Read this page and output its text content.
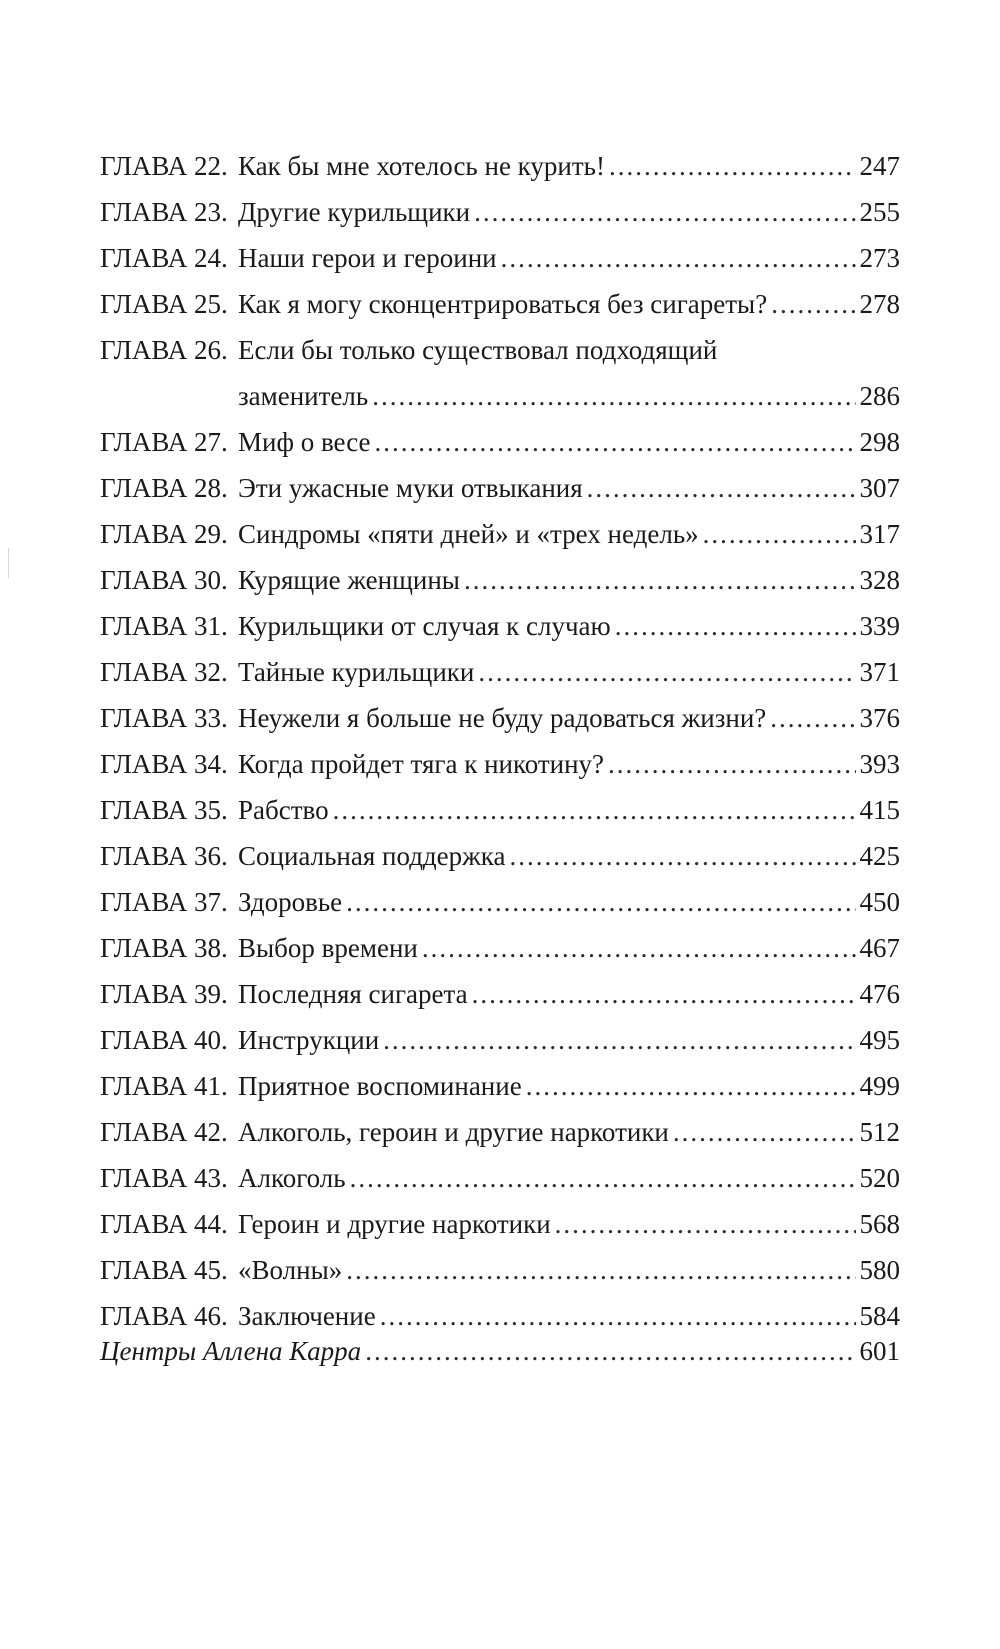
ГЛАВА 22. Как бы мне хотелось не курить! .....	247
ГЛАВА 23. Другие курильщики .....	255
ГЛАВА 24. Наши герои и героини .....	273
ГЛАВА 25. Как я могу сконцентрироваться без сигареты? .....	278
ГЛАВА 26. Если бы только существовал подходящий
заменитель .....	286
ГЛАВА 27. Миф о весе .....	298
ГЛАВА 28. Эти ужасные муки отвыкания .....	307
ГЛАВА 29. Синдромы «пяти дней» и «трех недель» .....	317
ГЛАВА 30. Курящие женщины .....	328
ГЛАВА 31. Курильщики от случая к случаю .....	339
ГЛАВА 32. Тайные курильщики .....	371
ГЛАВА 33. Неужели я больше не буду радоваться жизни? .....	376
ГЛАВА 34. Когда пройдет тяга к никотину? .....	393
ГЛАВА 35. Рабство .....	415
ГЛАВА 36. Социальная поддержка .....	425
ГЛАВА 37. Здоровье .....	450
ГЛАВА 38. Выбор времени .....	467
ГЛАВА 39. Последняя сигарета .....	476
ГЛАВА 40. Инструкции .....	495
ГЛАВА 41. Приятное воспоминание .....	499
ГЛАВА 42. Алкоголь, героин и другие наркотики .....	512
ГЛАВА 43. Алкоголь .....	520
ГЛАВА 44. Героин и другие наркотики .....	568
ГЛАВА 45. «Волны» .....	580
ГЛАВА 46. Заключение .....	584
Центры Аллена Карра .....	601
